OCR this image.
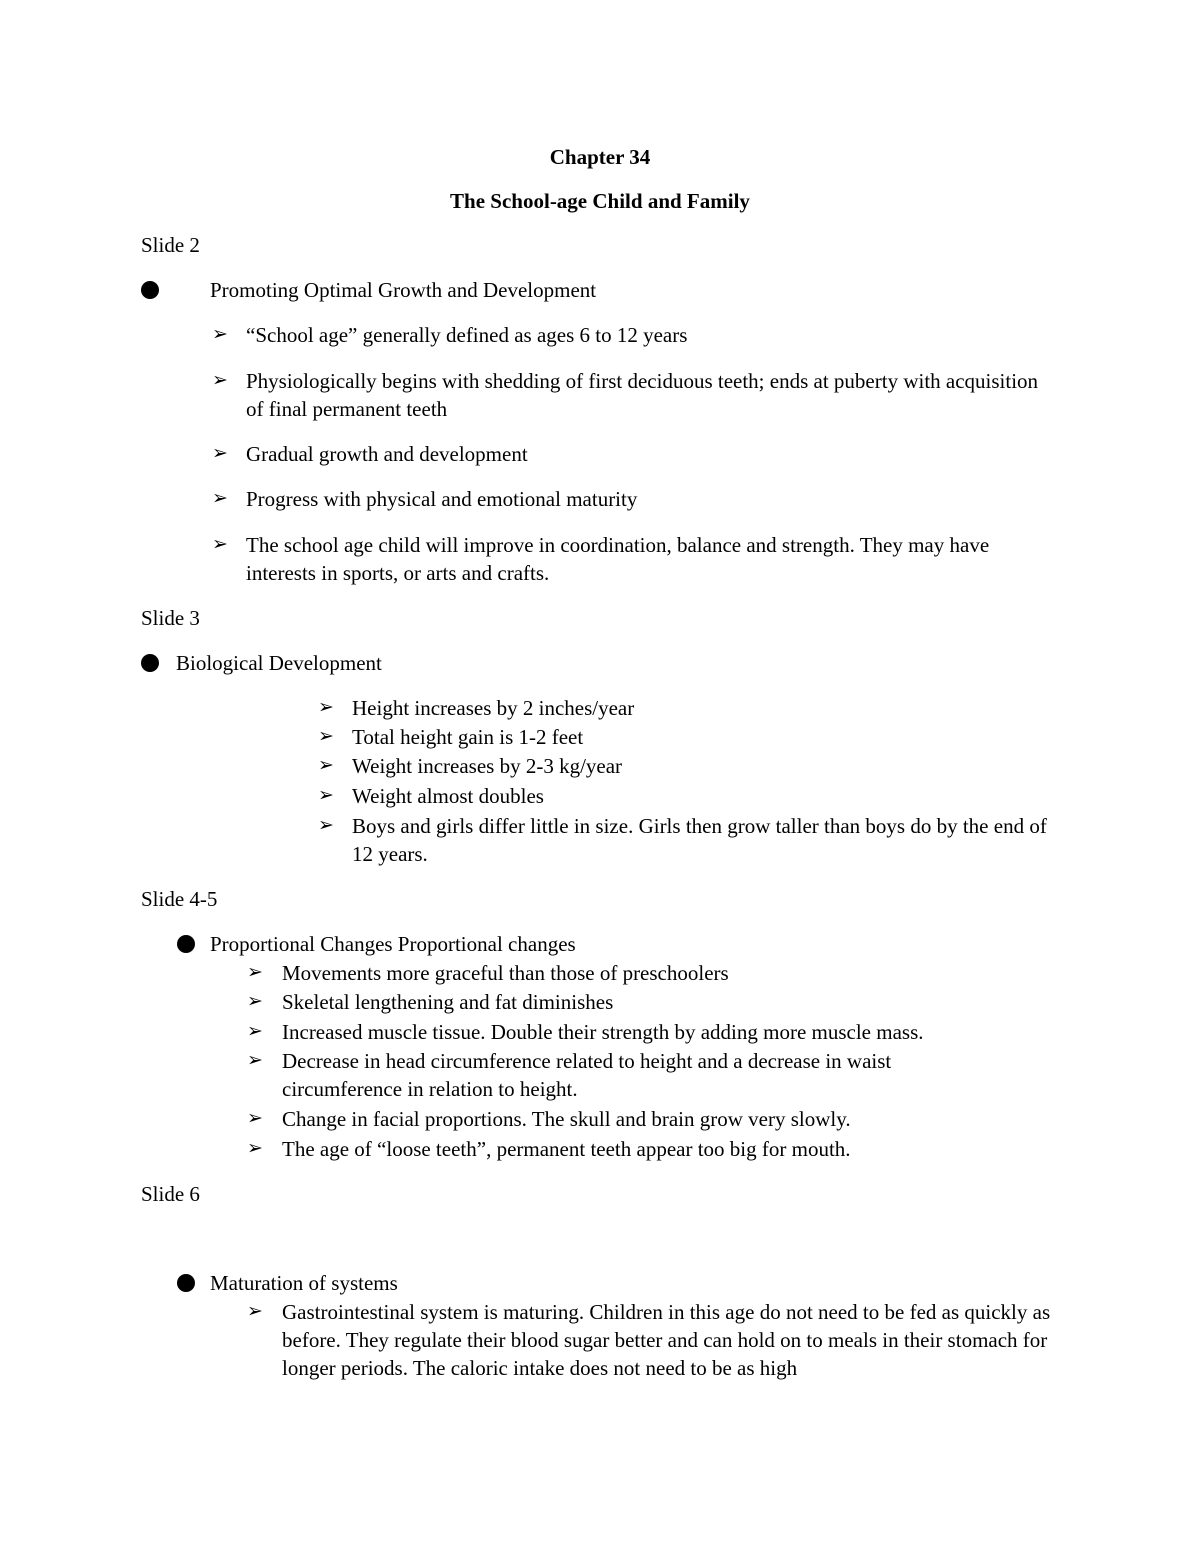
Chapter 34
The School-age Child and Family
Slide 2
Promoting Optimal Growth and Development
➢ “School age” generally defined as ages 6 to 12 years
➢ Physiologically begins with shedding of first deciduous teeth; ends at puberty with acquisition of final permanent teeth
➢ Gradual growth and development
➢ Progress with physical and emotional maturity
➢ The school age child will improve in coordination, balance and strength. They may have interests in sports, or arts and crafts.
Slide 3
Biological Development
➢ Height increases by 2 inches/year
➢ Total height gain is 1-2 feet
➢ Weight increases by 2-3 kg/year
➢ Weight almost doubles
➢ Boys and girls differ little in size. Girls then grow taller than boys do by the end of 12 years.
Slide 4-5
Proportional Changes Proportional changes
➢ Movements more graceful than those of preschoolers
➢ Skeletal lengthening and fat diminishes
➢ Increased muscle tissue. Double their strength by adding more muscle mass.
➢ Decrease in head circumference related to height and a decrease in waist circumference in relation to height.
➢ Change in facial proportions. The skull and brain grow very slowly.
➢ The age of “loose teeth”, permanent teeth appear too big for mouth.
Slide 6
Maturation of systems
➢ Gastrointestinal system is maturing. Children in this age do not need to be fed as quickly as before. They regulate their blood sugar better and can hold on to meals in their stomach for longer periods. The caloric intake does not need to be as high
